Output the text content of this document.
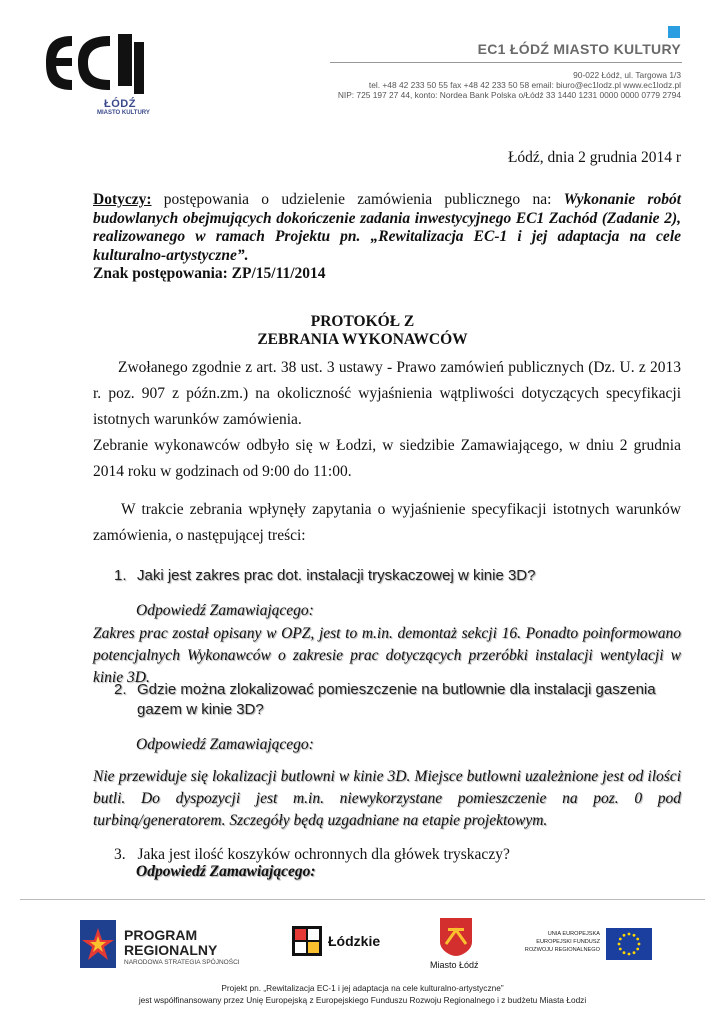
ŁÓDŹ
MIASTO KULTURY
EC1 ŁÓDŹ MIASTO KULTURY
90-022 Łódź, ul. Targowa 1/3
tel. +48 42 233 50 55 fax +48 42 233 50 58 email: biuro@ec1lodz.pl www.ec1lodz.pl
NIP: 725 197 27 44, konto: Nordea Bank Polska o/Łódź 33 1440 1231 0000 0000 0779 2794
Łódź, dnia 2 grudnia 2014 r
Dotyczy: postępowania o udzielenie zamówienia publicznego na: Wykonanie robót budowlanych obejmujących dokończenie zadania inwestycyjnego EC1 Zachód (Zadanie 2), realizowanego w ramach Projektu pn. „Rewitalizacja EC-1 i jej adaptacja na cele kulturalno-artystyczne”.
Znak postępowania: ZP/15/11/2014
PROTOKÓŁ Z
ZEBRANIA WYKONAWCÓW
Zwołanego zgodnie z art. 38 ust. 3 ustawy - Prawo zamówień publicznych (Dz. U. z 2013 r. poz. 907 z późn.zm.) na okoliczność wyjaśnienia wątpliwości dotyczących specyfikacji istotnych warunków zamówienia.
Zebranie wykonawców odbyło się w Łodzi, w siedzibie Zamawiającego, w dniu 2 grudnia 2014 roku w godzinach od 9:00 do 11:00.
W trakcie zebrania wpłynęły zapytania o wyjaśnienie specyfikacji istotnych warunków zamówienia, o następującej treści:
1. Jaki jest zakres prac dot. instalacji tryskaczowej w kinie 3D?
Odpowiedź Zamawiającego:
Zakres prac został opisany w OPZ, jest to m.in. demontaż sekcji 16. Ponadto poinformowano potencjalnych Wykonawców o zakresie prac dotyczących przeróbki instalacji wentylacji w kinie 3D.
2. Gdzie można zlokalizować pomieszczenie na butlownie dla instalacji gaszenia gazem w kinie 3D?
Odpowiedź Zamawiającego:
Nie przewiduje się lokalizacji butlowni w kinie 3D. Miejsce butlowni uzależnione jest od ilości butli. Do dyspozycji jest m.in. niewykorzystane pomieszczenie na poz. 0 pod turbiną/generatorem. Szczegóły będą uzgadniane na etapie projektowym.
3. Jaka jest ilość koszyków ochronnych dla główek tryskaczy?
Odpowiedź Zamawiającego:
PROGRAM
REGIONALNY
NARODOWA STRATEGIA SPÓJNOŚCI
Łódzkie
Miasto Łódź
UNIA EUROPEJSKA
EUROPEJSKI FUNDUSZ
ROZWOJU REGIONALNEGO
Projekt pn. „Rewitalizacja EC-1 i jej adaptacja na cele kulturalno-artystyczne”
jest współfinansowany przez Unię Europejską z Europejskiego Funduszu Rozwoju Regionalnego i z budżetu Miasta Łodzi
